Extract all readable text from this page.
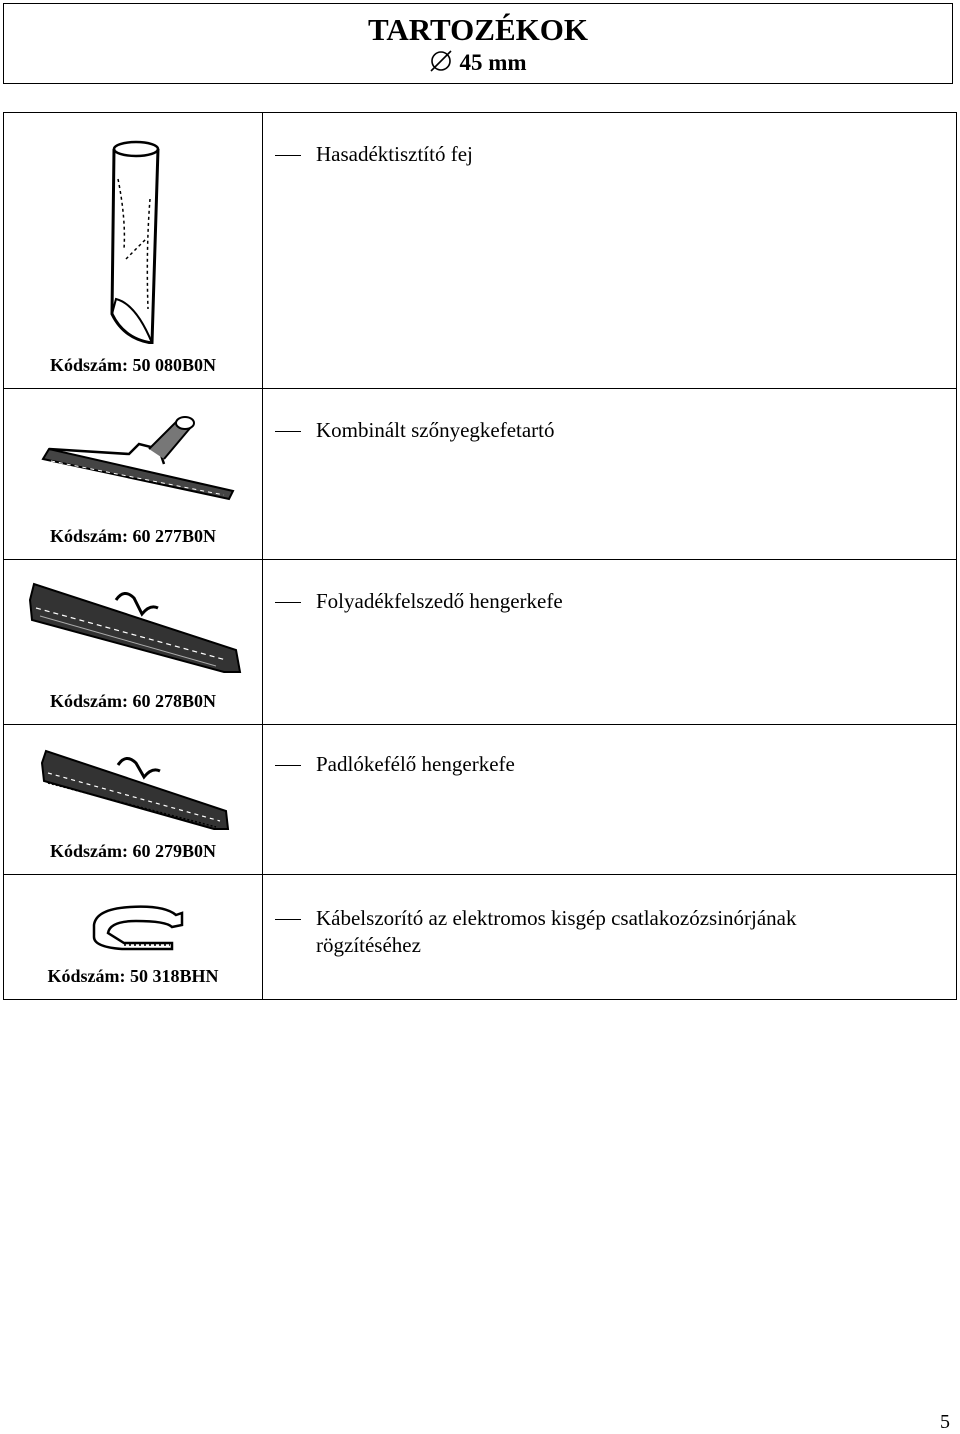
TARTOZÉKOK
45 mm
Kódszám: 50 080B0N	Hasadéktisztító fej

Kódszám: 60 277B0N	Kombinált szőnyegkefetartó

Kódszám: 60 278B0N	Folyadékfelszedő hengerkefe

Kódszám: 60 279B0N	Padlókefélő hengerkefe

Kódszám: 50 318BHN	Kábelszorító az elektromos kisgép csatlakozózsinórjának
rögzítéséhez
5
